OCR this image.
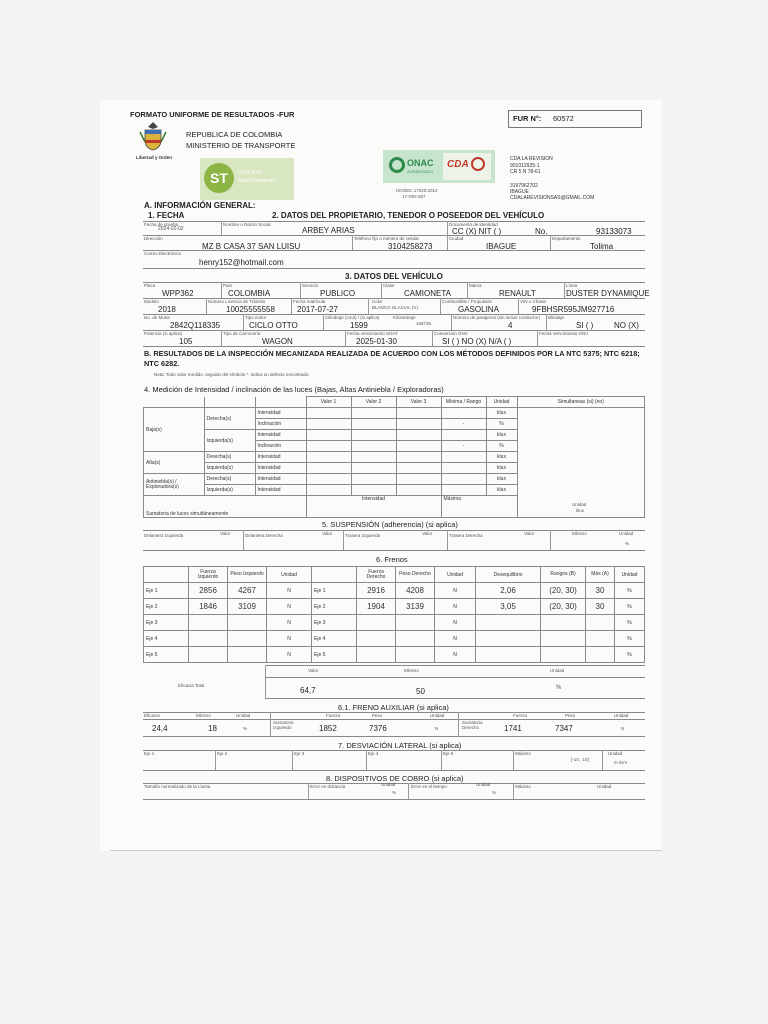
FORMATO UNIFORME DE RESULTADOS -FUR	FUR N°: 60572
Libertad y Orden
REPUBLICA DE COLOMBIA
MINISTERIO DE TRANSPORTE
ST	VIGILADO
SuperTransporte
ONAC
ACREDITADO
CDA
ISO/IEC 17020:2012
17-OIN-057
CDA LA REVISION
901012925-1
CR 5 N 78-61
3197962702
IBAGUE
CDALAREVISIONSAS@GMAIL.COM
A. INFORMACIÓN GENERAL:
1. FECHA	2. DATOS DEL PROPIETARIO, TENEDOR O POSEEDOR DEL VEHÍCULO
Fecha de prueba
2024-02-02
Nombre o Razón Social
ARBEY ARIAS
Documento de identidad
CC (X) NIT ( )	No.	93133073
Dirección
MZ B CASA 37 SAN LUISU
Teléfono fijo o número de celular
3104258273
Ciudad
IBAGUE
Departamento
Tolima
Correo Electrónico
henry152@hotmail.com
3. DATOS DEL VEHÍCULO
Placa
WPP362
País
COLOMBIA
Servicio
PUBLICO
Clase
CAMIONETA
Marca
RENAULT
Línea
DUSTER DYNAMIQUE
Modelo
2018
Número Licencia de Tránsito
10025555558
Fecha matrícula
2017-07-27
Color
BLANCO GLACIAL (V)
Combustible / Propulsión
GASOLINA
VIN o Chasis
9FBHSR595JM927716
No. de Motor
2842Q118335
Tipo motor
CICLO OTTO
Cilindraje (cm3) / (si aplica)
1599
Kilometraje
168736
Número de pasajeros (sin incluir conductor)
4
Blindaje
SI ( )	NO (X)
Potencia (si aplica)
105
Tipo de Carrocería
WAGON
Fecha vencimiento SOAT
2025-01-30
Conversión GNV
SI ( ) NO (X) N/A ( )
Fecha Vencimiento GNV
B. RESULTADOS DE LA INSPECCIÓN MECANIZADA REALIZADA DE ACUERDO CON LOS MÉTODOS DEFINIDOS POR LA NTC 5375; NTC 6218; NTC 6282.
Nota: Todo valor medido, seguido del símbolo *, indica un defecto encontrado.
4. Medición de Intensidad / inclinación de las luces (Bajas, Altas Antiniebla / Exploradoras)
			Valor 1	Valor 2	Valor 3	Mínima / Rango	Unidad	Simultaneas (si) (no)
Baja(s)	Derecha(s)	Intensidad					klux	
		Inclinación				-	%	
	Izquierda(s)	Intensidad					klux	
		Inclinación				-	%	
Alta(s)	Derecha(s)	Intensidad					klux	
	Izquierda(s)	Intensidad					klux	
Antiniebla(s) / Exploradora(s)	Derecha(s)	Intensidad					klux	
	Izquierda(s)	Intensidad					klux	
Sumatoria de luces simultáneamente			Intensidad			Máxima		
Unidad
klux
5. SUSPENSIÓN (adherencia) (si aplica)
Delantera Izquierda	Valor	Delantera Derecha	Valor	Trasera Izquierda	Valor	Trasera Derecha	Valor	Mínimo	Unidad
%
6. Frenos
	Fuerza Izquierdo	Peso Izquierdo	Unidad		Fuerza Derecho	Peso Derecho	Unidad	Desequilibrio	Rangos (B)	Máx (A)	Unidad
Eje 1	2856	4267	N	Eje 1	2916	4208	N	2,06	(20, 30)	30	%
Eje 2	1846	3109	N	Eje 2	1904	3139	N	3,05	(20, 30)	30	%
Eje 3			N	Eje 3			N				%
Eje 4			N	Eje 4			N				%
Eje 5			N	Eje 5			N				%
Eficacia Total
Valor	Mínimo	Unidad
64,7	50	%
6.1. FRENO AUXILIAR (si aplica)
Eficacia	Mínimo	Unidad	Fuerza	Peso	Unidad	Fuerza	Peso	Unidad
24,4	18	%
Sumatoria Izquierdo	1852	7376	N
Sumatoria Derecho	1741	7347	N
7. DESVIACIÓN LATERAL (si aplica)
Eje 1	Eje 2	Eje 3	Eje 4	Eje 5	Máximo
[-10 , 10]
Unidad
m /Km
8. DISPOSITIVOS DE COBRO (si aplica)
Tamaño normalizado de la Llanta	Error en distancia	Unidad
%
Error en el tiempo	Unidad
%
Máximo	Unidad
